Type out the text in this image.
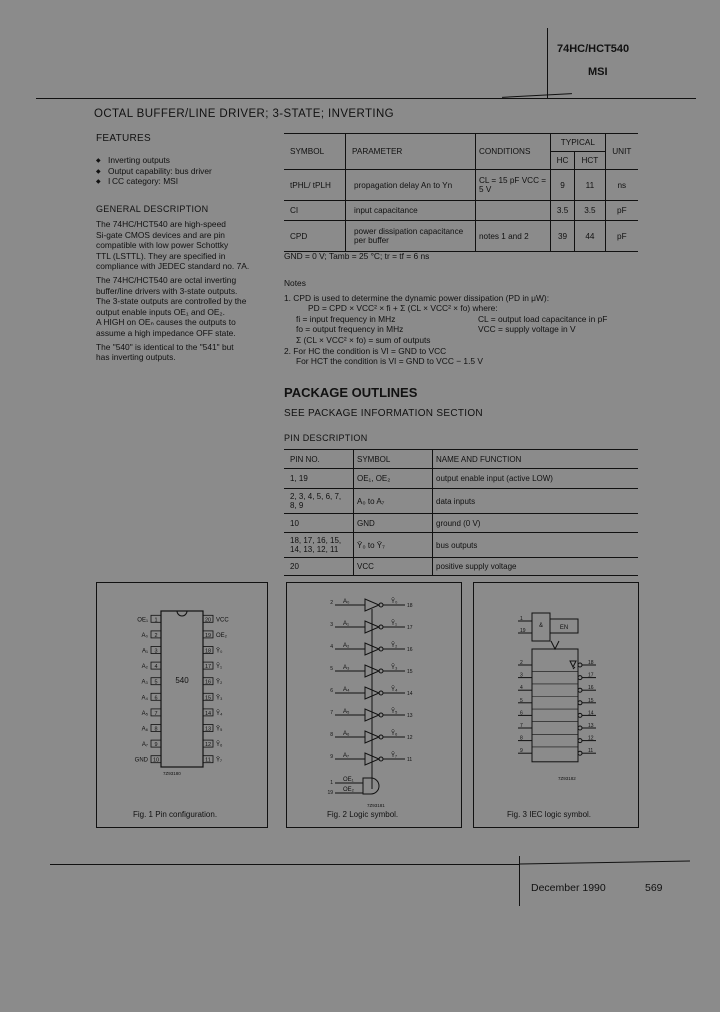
74HC/HCT540
MSI
OCTAL BUFFER/LINE DRIVER; 3-STATE; INVERTING
FEATURES
◆ Inverting outputs
◆ Output capability: bus driver
◆ I CC category: MSI
GENERAL DESCRIPTION
The 74HC/HCT540 are high-speed
Si-gate CMOS devices and are pin
compatible with low power Schottky
TTL (LSTTL). They are specified in
compliance with JEDEC standard no. 7A.
The 74HC/HCT540 are octal inverting
buffer/line drivers with 3-state outputs.
The 3-state outputs are controlled by the
output enable inputs OE₁ and OE₂.
A HIGH on OEₙ causes the outputs to
assume a high impedance OFF state.
The "540" is identical to the "541" but
has inverting outputs.
SYMBOL	PARAMETER	CONDITIONS	TYPICAL		UNIT
			HC	HCT	
tPHL/ tPLH	propagation delay An to Yn	CL = 15 pF VCC = 5 V	9	11	ns
CI	input capacitance		3.5	3.5	pF
CPD	power dissipation capacitance per buffer	notes 1 and 2	39	44	pF
GND = 0 V; Tamb = 25 °C; tr = tf = 6 ns
Notes
1. CPD is used to determine the dynamic power dissipation (PD in μW):
PD = CPD × VCC² × fi + Σ (CL × VCC² × fo) where:
fi = input frequency in MHz	CL = output load capacitance in pF
fo = output frequency in MHz	VCC = supply voltage in V
Σ (CL × VCC² × fo) = sum of outputs
2. For HC the condition is VI = GND to VCC
For HCT the condition is VI = GND to VCC − 1.5 V
PACKAGE OUTLINES
SEE PACKAGE INFORMATION SECTION
PIN DESCRIPTION
PIN NO.	SYMBOL	NAME AND FUNCTION
1, 19	OE₁, OE₂	output enable input (active LOW)
2, 3, 4, 5, 6, 7, 8, 9	A₀ to A₇	data inputs
10	GND	ground (0 V)
18, 17, 16, 15, 14, 13, 12, 11	Ȳ₀ to Ȳ₇	bus outputs
20	VCC	positive supply voltage
540
1
OE₁
2
A₀
3
A₁
4
A₂
5
A₃
6
A₄
7
A₅
8
A₆
9
A₇
10
GND
20 VCC
19 OE₂
18 Ȳ₀
17 Ȳ₁
16 Ȳ₂
15 Ȳ₃
14 Ȳ₄
13 Ȳ₅
12 Ȳ₆
11 Ȳ₇
7Z93180
Fig. 1 Pin configuration.
2 A₀	Ȳ₀
18
3 A₁	Ȳ₁
17
4 A₂	Ȳ₂
16
5 A₃	Ȳ₃
15
6 A₄	Ȳ₄
14
7 A₅	Ȳ₅
13
8 A₆	Ȳ₆
12
9 A₇	Ȳ₇
11
1 OE₁
19 OE₂
7Z93181
Fig. 2 Logic symbol.
&	EN
1
19
2	18
3	17
4	16
5	15
6	14
7	13
8	12
9	11
7Z93182
Fig. 3 IEC logic symbol.
December 1990	569
